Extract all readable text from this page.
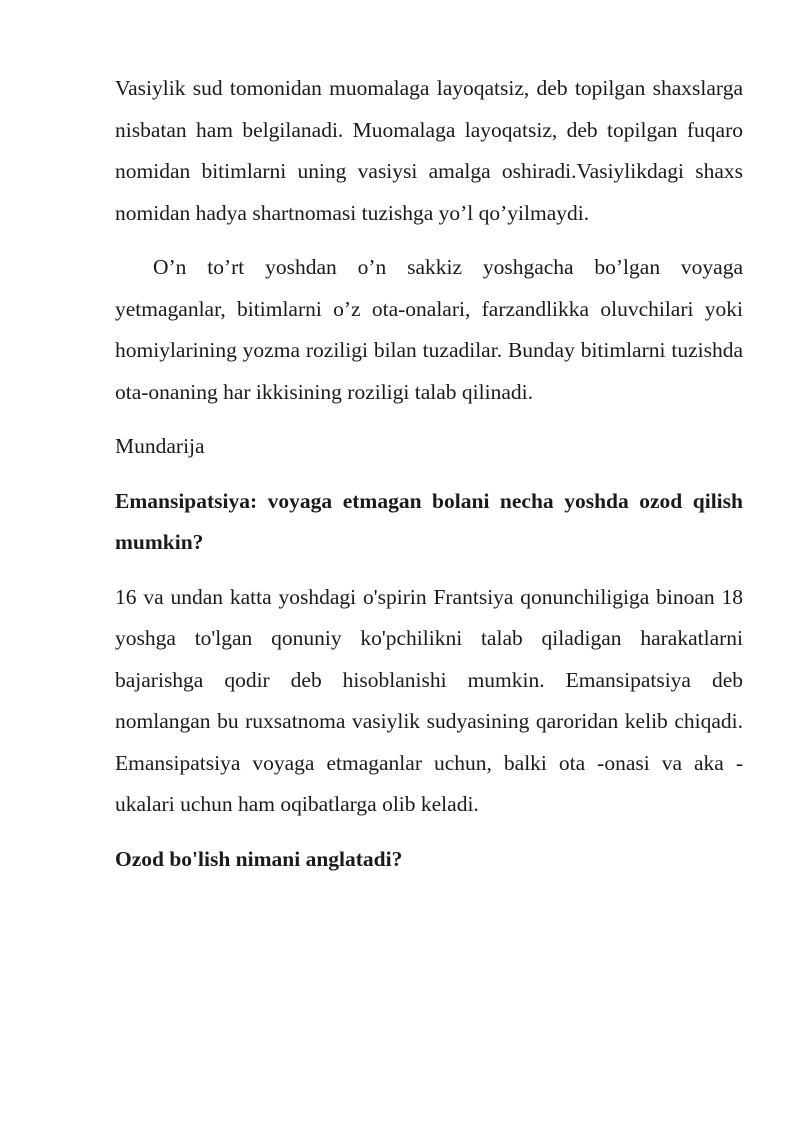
Vasiylik sud tomonidan muomalaga layoqatsiz, deb topilgan shaxslarga nisbatan ham belgilanadi. Muomalaga layoqatsiz, deb topilgan fuqaro nomidan bitimlarni uning vasiysi amalga oshiradi.Vasiylikdagi shaxs nomidan hadya shartnomasi tuzishga yo’l qo’yilmaydi.

O’n to’rt yoshdan o’n sakkiz yoshgacha bo’lgan voyaga yetmaganlar, bitimlarni o’z ota-onalari, farzandlikka oluvchilari yoki homiylarining yozma roziligi bilan tuzadilar. Bunday bitimlarni tuzishda ota-onaning har ikkisining roziligi talab qilinadi.

Mundarija

Emansipatsiya: voyaga etmagan bolani necha yoshda ozod qilish mumkin?

16 va undan katta yoshdagi o'spirin Frantsiya qonunchiligiga binoan 18 yoshga to'lgan qonuniy ko'pchilikni talab qiladigan harakatlarni bajarishga qodir deb hisoblanishi mumkin. Emansipatsiya deb nomlangan bu ruxsatnoma vasiylik sudyasining qaroridan kelib chiqadi. Emansipatsiya voyaga etmaganlar uchun, balki ota -onasi va aka -ukalari uchun ham oqibatlarga olib keladi.

Ozod bo'lish nimani anglatadi?
